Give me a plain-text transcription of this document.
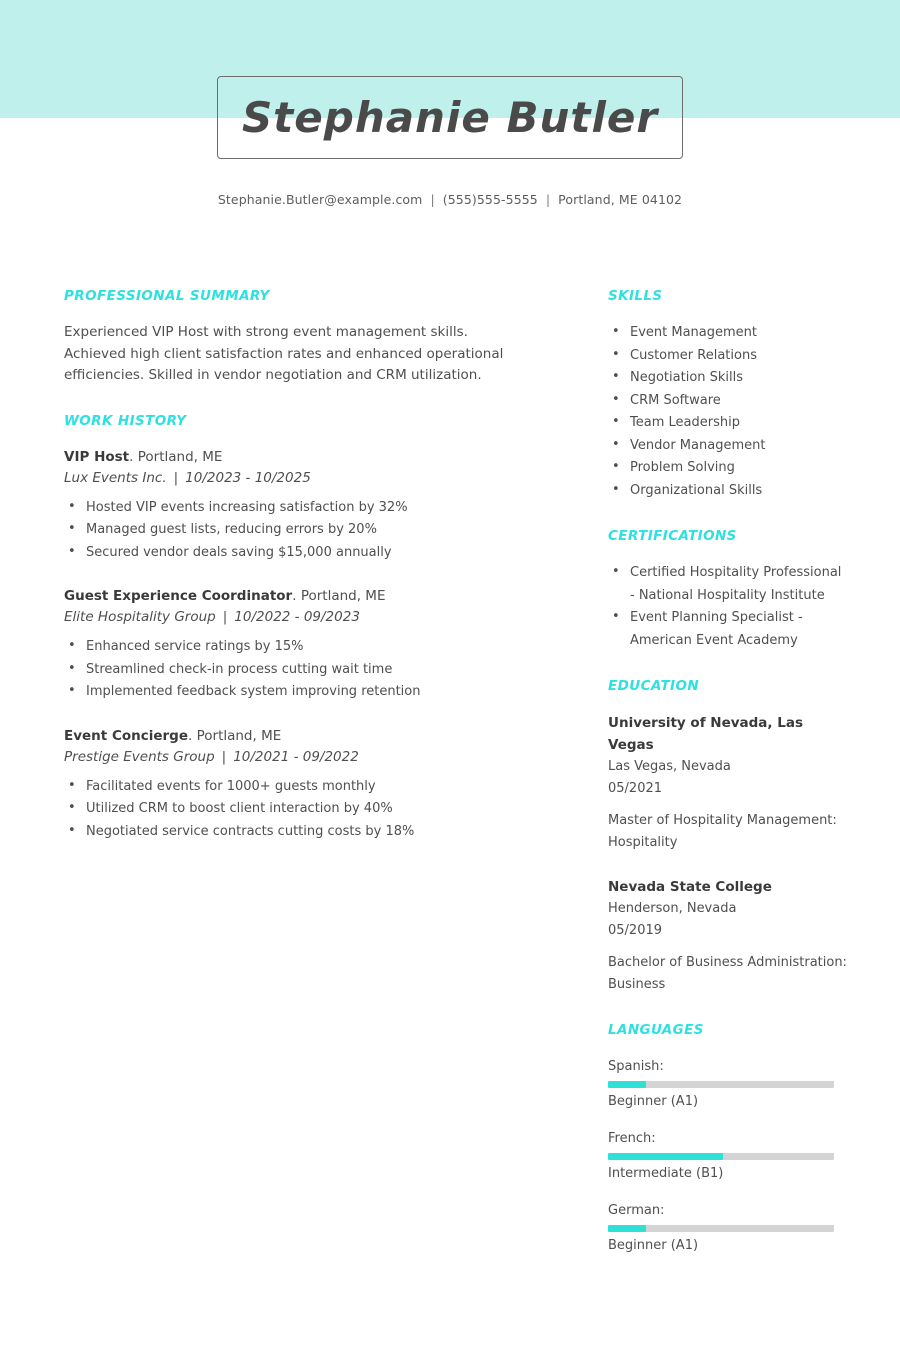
Stephanie Butler
Stephanie.Butler@example.com | (555)555-5555 | Portland, ME 04102
PROFESSIONAL SUMMARY

Experienced VIP Host with strong event management skills. Achieved high client satisfaction rates and enhanced operational efficiencies. Skilled in vendor negotiation and CRM utilization.

WORK HISTORY
VIP Host. Portland, ME
Lux Events Inc. | 10/2023 - 10/2025
• Hosted VIP events increasing satisfaction by 32%
• Managed guest lists, reducing errors by 20%
• Secured vendor deals saving $15,000 annually
Guest Experience Coordinator. Portland, ME
Elite Hospitality Group | 10/2022 - 09/2023
• Enhanced service ratings by 15%
• Streamlined check-in process cutting wait time
• Implemented feedback system improving retention
Event Concierge. Portland, ME
Prestige Events Group | 10/2021 - 09/2022
• Facilitated events for 1000+ guests monthly
• Utilized CRM to boost client interaction by 40%
• Negotiated service contracts cutting costs by 18%
SKILLS
• Event Management
• Customer Relations
• Negotiation Skills
• CRM Software
• Team Leadership
• Vendor Management
• Problem Solving
• Organizational Skills
CERTIFICATIONS
• Certified Hospitality Professional - National Hospitality Institute
• Event Planning Specialist - American Event Academy
EDUCATION
University of Nevada, Las Vegas
Las Vegas, Nevada
05/2021
Master of Hospitality Management: Hospitality
Nevada State College
Henderson, Nevada
05/2019
Bachelor of Business Administration: Business
LANGUAGES
Spanish:
Beginner (A1)
French:
Intermediate (B1)
German:
Beginner (A1)
